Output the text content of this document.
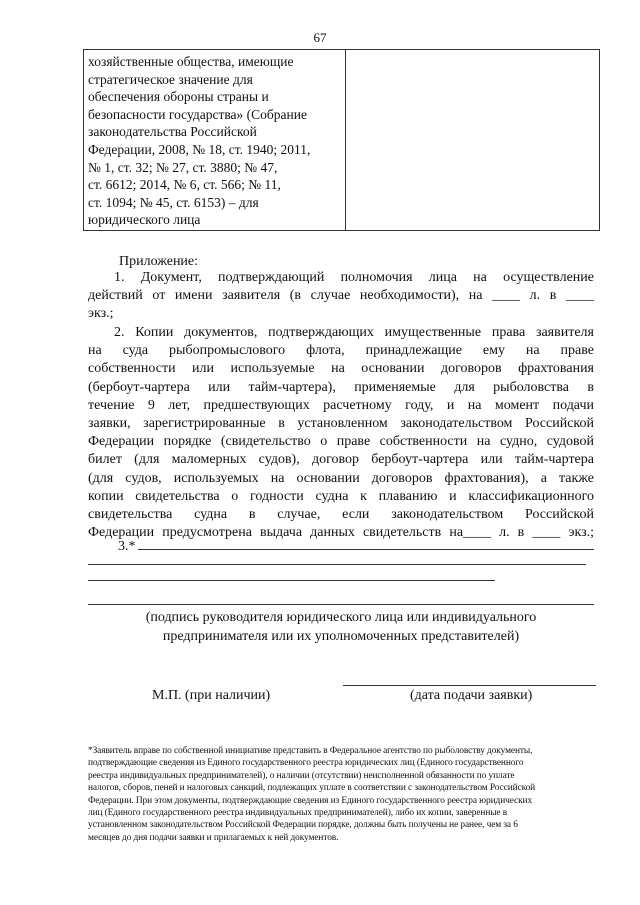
67
хозяйственные общества, имеющие
стратегическое значение для
обеспечения обороны страны и
безопасности государства» (Собрание
законодательства Российской
Федерации, 2008, № 18, ст. 1940; 2011,
№ 1, ст. 32; № 27, ст. 3880; № 47,
ст. 6612; 2014, № 6, ст. 566; № 11,
ст. 1094; № 45, ст. 6153) – для
юридического лица
Приложение:
1. Документ, подтверждающий полномочия лица на осуществление
действий от имени заявителя (в случае необходимости), на ____ л. в ____
экз.;
2. Копии документов, подтверждающих имущественные права заявителя
на суда рыбопромыслового флота, принадлежащие ему на праве
собственности или используемые на основании договоров фрахтования
(бербоут-чартера или тайм-чартера), применяемые для рыболовства в
течение 9 лет, предшествующих расчетному году, и на момент подачи
заявки, зарегистрированные в установленном законодательством Российской
Федерации порядке (свидетельство о праве собственности на судно, судовой
билет (для маломерных судов), договор бербоут-чартера или тайм-чартера
(для судов, используемых на основании договоров фрахтования), а также
копии свидетельства о годности судна к плаванию и классификационного
свидетельства судна в случае, если законодательством Российской
Федерации предусмотрена выдача данных свидетельств на____ л. в ____ экз.;
3.*
(подпись руководителя юридического лица или индивидуального
предпринимателя или их уполномоченных представителей)
М.П. (при наличии)	(дата подачи заявки)
*Заявитель вправе по собственной инициативе представить в Федеральное агентство по рыболовству документы,
подтверждающие сведения из Единого государственного реестра юридических лиц (Единого государственного
реестра индивидуальных предпринимателей), о наличии (отсутствии) неисполненной обязанности по уплате
налогов, сборов, пеней и налоговых санкций, подлежащих уплате в соответствии с законодательством Российской
Федерации. При этом документы, подтверждающие сведения из Единого государственного реестра юридических
лиц (Единого государственного реестра индивидуальных предпринимателей), либо их копии, заверенные в
установленном законодательством Российской Федерации порядке, должны быть получены не ранее, чем за 6
месяцев до дня подачи заявки и прилагаемых к ней документов.
